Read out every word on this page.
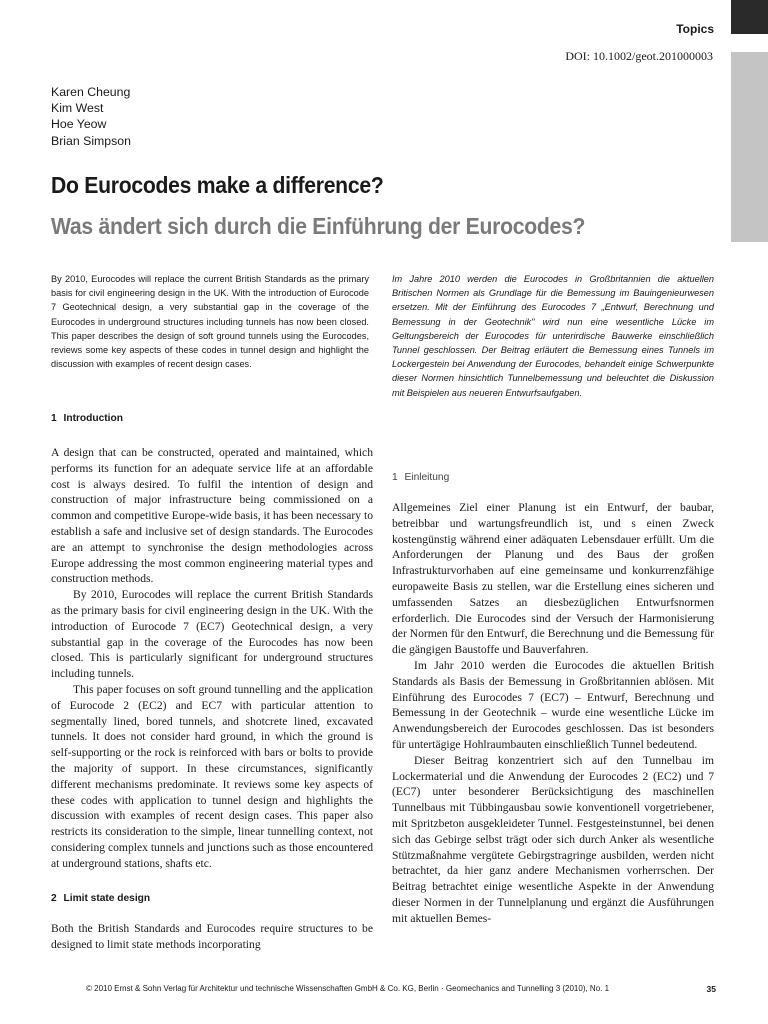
Topics
DOI: 10.1002/geot.201000003
Karen Cheung
Kim West
Hoe Yeow
Brian Simpson
Do Eurocodes make a difference?
Was ändert sich durch die Einführung der Eurocodes?

By 2010, Eurocodes will replace the current British Standards as the primary basis for civil engineering design in the UK. With the introduction of Eurocode 7 Geotechnical design, a very substantial gap in the coverage of the Eurocodes in underground structures including tunnels has now been closed. This paper describes the design of soft ground tunnels using the Eurocodes, reviews some key aspects of these codes in tunnel design and highlight the discussion with examples of recent design cases.

Im Jahre 2010 werden die Eurocodes in Großbritannien die aktuellen Britischen Normen als Grundlage für die Bemessung im Bauingenieurwesen ersetzen. Mit der Einführung des Eurocodes 7 „Entwurf, Berechnung und Bemessung in der Geotechnik" wird nun eine wesentliche Lücke im Geltungsbereich der Eurocodes für unterirdische Bauwerke einschließlich Tunnel geschlossen. Der Beitrag erläutert die Bemessung eines Tunnels im Lockergestein bei Anwendung der Eurocodes, behandelt einige Schwerpunkte dieser Normen hinsichtlich Tunnelbemessung und beleuchtet die Diskussion mit Beispielen aus neueren Entwurfsaufgaben.

1 Introduction

A design that can be constructed, operated and maintained, which performs its function for an adequate service life at an affordable cost is always desired. To fulfil the intention of design and construction of major infrastructure being commissioned on a common and competitive Europe-wide basis, it has been necessary to establish a safe and inclusive set of design standards. The Eurocodes are an attempt to synchronise the design methodologies across Europe addressing the most common engineering material types and construction methods.

By 2010, Eurocodes will replace the current British Standards as the primary basis for civil engineering design in the UK. With the introduction of Eurocode 7 (EC7) Geotechnical design, a very substantial gap in the coverage of the Eurocodes has now been closed. This is particularly significant for underground structures including tunnels.

This paper focuses on soft ground tunnelling and the application of Eurocode 2 (EC2) and EC7 with particular attention to segmentally lined, bored tunnels, and shotcrete lined, excavated tunnels. It does not consider hard ground, in which the ground is self-supporting or the rock is reinforced with bars or bolts to provide the majority of support. In these circumstances, significantly different mechanisms predominate. It reviews some key aspects of these codes with application to tunnel design and highlights the discussion with examples of recent design cases. This paper also restricts its consideration to the simple, linear tunnelling context, not considering complex tunnels and junctions such as those encountered at underground stations, shafts etc.

2 Limit state design

Both the British Standards and Eurocodes require structures to be designed to limit state methods incorporating

1 Einleitung

Allgemeines Ziel einer Planung ist ein Entwurf, der baubar, betreibbar und wartungsfreundlich ist, und s einen Zweck kostengünstig während einer adäquaten Lebensdauer erfüllt. Um die Anforderungen der Planung und des Baus der großen Infrastrukturvorhaben auf eine gemeinsame und konkurrenzfähige europaweite Basis zu stellen, war die Erstellung eines sicheren und umfassenden Satzes an diesbezüglichen Entwurfsnormen erforderlich. Die Eurocodes sind der Versuch der Harmonisierung der Normen für den Entwurf, die Berechnung und die Bemessung für die gängigen Baustoffe und Bauverfahren.

Im Jahr 2010 werden die Eurocodes die aktuellen British Standards als Basis der Bemessung in Großbritannien ablösen. Mit Einführung des Eurocodes 7 (EC7) – Entwurf, Berechnung und Bemessung in der Geotechnik – wurde eine wesentliche Lücke im Anwendungsbereich der Eurocodes geschlossen. Das ist besonders für untertägige Hohlraumbauten einschließlich Tunnel bedeutend.

Dieser Beitrag konzentriert sich auf den Tunnelbau im Lockermaterial und die Anwendung der Eurocodes 2 (EC2) und 7 (EC7) unter besonderer Berücksichtigung des maschinellen Tunnelbaus mit Tübbingausbau sowie konventionell vorgetriebener, mit Spritzbeton ausgekleideter Tunnel. Festgesteinstunnel, bei denen sich das Gebirge selbst trägt oder sich durch Anker als wesentliche Stützmaßnahme vergütete Gebirgstragringe ausbilden, werden nicht betrachtet, da hier ganz andere Mechanismen vorherrschen. Der Beitrag betrachtet einige wesentliche Aspekte in der Anwendung dieser Normen in der Tunnelplanung und ergänzt die Ausführungen mit aktuellen Bemes-

© 2010 Ernst & Sohn Verlag für Architektur und technische Wissenschaften GmbH & Co. KG, Berlin · Geomechanics and Tunnelling 3 (2010), No. 1	35
